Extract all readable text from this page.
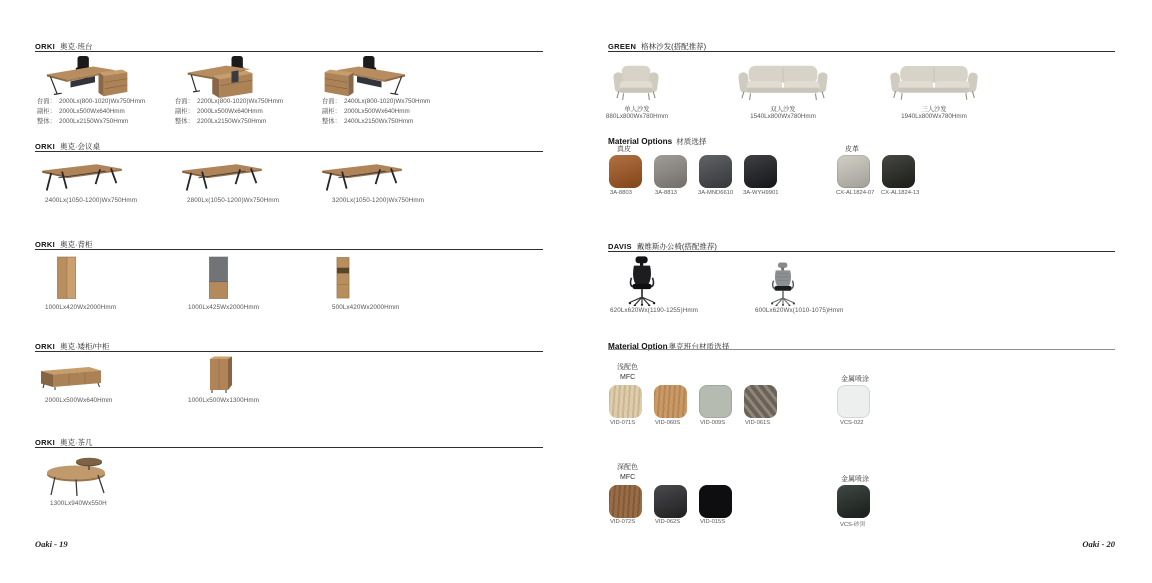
ORKI 奥克·班台
台面： 2000Lx(800-1020)Wx750Hmm
副柜： 2000Lx500Wx640Hmm
整体： 2000Lx2150Wx750Hmm
台面： 2200Lx(800-1020)Wx750Hmm
副柜： 2000Lx500Wx640Hmm
整体： 2200Lx2150Wx750Hmm
台面： 2400Lx(800-1020)Wx750Hmm
副柜： 2000Lx500Wx640Hmm
整体： 2400Lx2150Wx750Hmm
ORKI 奥克·会议桌
2400Lx(1050-1200)Wx750Hmm	2800Lx(1050-1200)Wx750Hmm	3200Lx(1050-1200)Wx750Hmm
ORKI 奥克·背柜
1000Lx420Wx2000Hmm	1000Lx425Wx2000Hmm	500Lx420Wx2000Hmm
ORKI 奥克·矮柜/中柜
2000Lx500Wx640Hmm	1000Lx500Wx1300Hmm
ORKI 奥克·茶几
1300Lx940Wx550H
Oaki - 19
GREEN 格林沙发(搭配推荐)
单人沙发
880Lx800Wx780Hmm
双人沙发
1540Lx800Wx780Hmm
三人沙发
1940Lx800Wx780Hmm
Material Options 材质选择
真皮	皮革
3A-8803	3A-8813	3A-MND6610 3A-WYH9901	CX-AL1824-07 CX-AL1824-13
DAVIS 戴维斯办公椅(搭配推荐)
620Lx620Wx(1190-1255)Hmm	600Lx620Wx(1010-1075)Hmm
Material Option奥克班台材质选择
浅配色
MFC	金属喷涂
VID-071S	VID-060S	VID-009S	VID-061S	VCS-022
深配色
MFC	金属喷涂
VID-072S	VID-062S	VID-015S	VCS-砂黑
Oaki - 20
